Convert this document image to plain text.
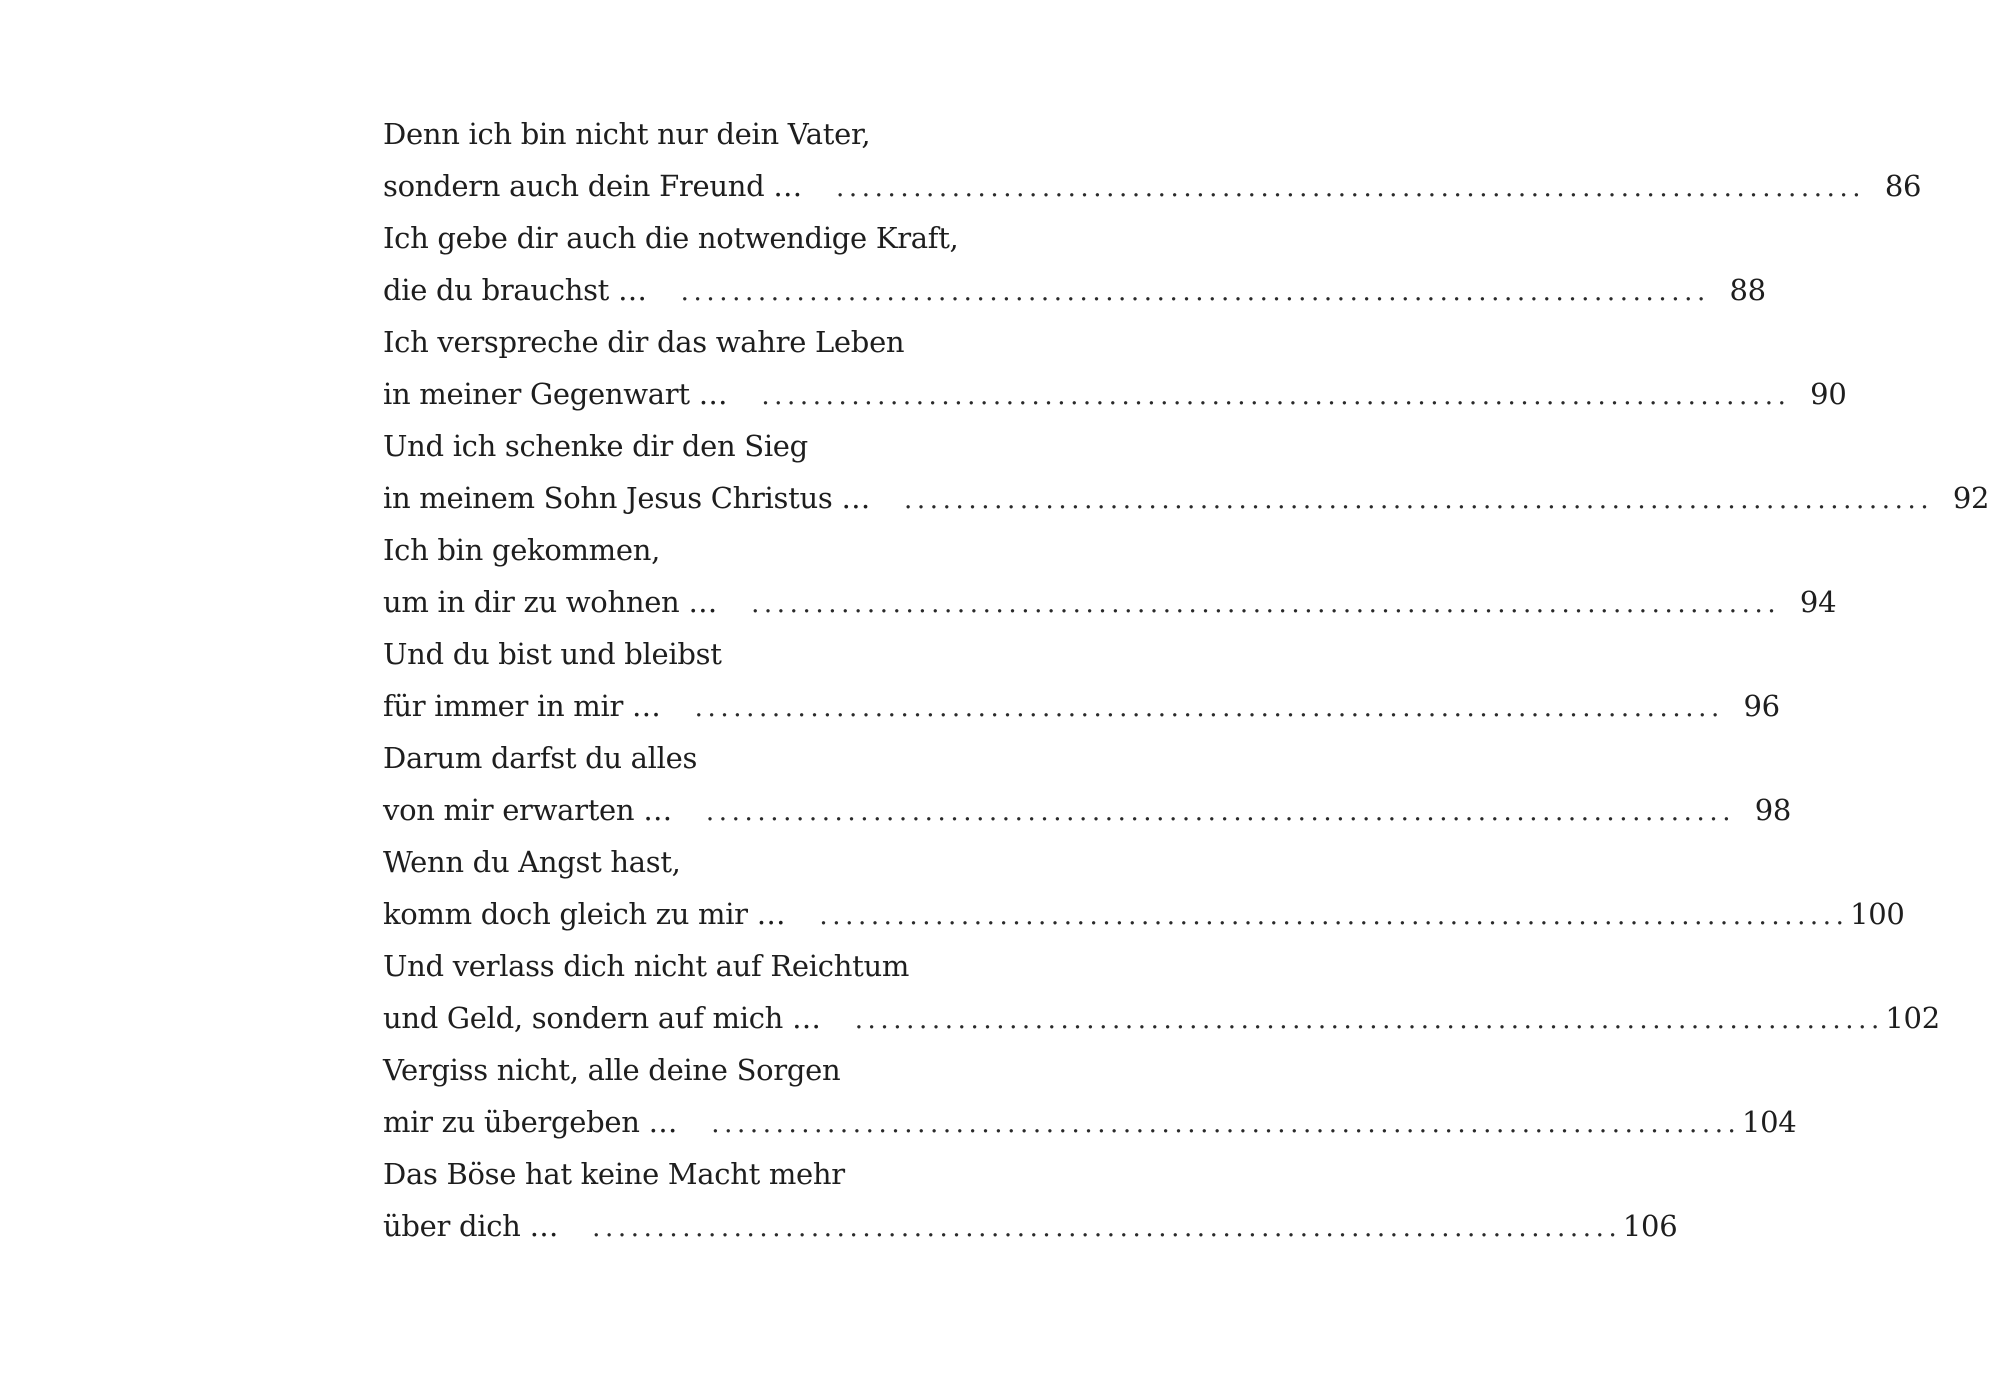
Denn ich bin nicht nur dein Vater,
sondern auch dein Freund …	................................................................................ 86
Ich gebe dir auch die notwendige Kraft,
die du brauchst …	................................................................................ 88
Ich verspreche dir das wahre Leben
in meiner Gegenwart …	................................................................................ 90
Und ich schenke dir den Sieg
in meinem Sohn Jesus Christus …	................................................................................ 92
Ich bin gekommen,
um in dir zu wohnen …	................................................................................ 94
Und du bist und bleibst
für immer in mir …	................................................................................ 96
Darum darfst du alles
von mir erwarten …	................................................................................ 98
Wenn du Angst hast,
komm doch gleich zu mir …	................................................................................ 100
Und verlass dich nicht auf Reichtum
und Geld, sondern auf mich …	................................................................................ 102
Vergiss nicht, alle deine Sorgen
mir zu übergeben …	................................................................................ 104
Das Böse hat keine Macht mehr
über dich …	................................................................................ 106
